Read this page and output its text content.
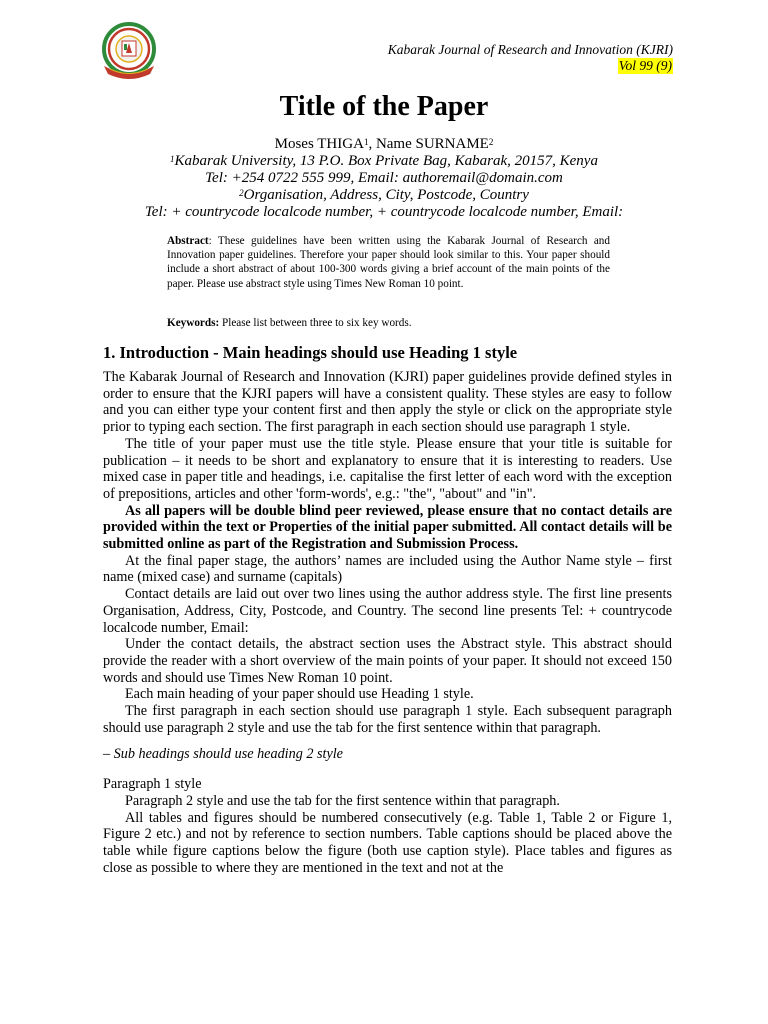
Kabarak Journal of Research and Innovation (KJRI)
Vol 99 (9)
Title of the Paper
Moses THIGA$^1$, Name SURNAME$^2$
$^1$Kabarak University, 13 P.O. Box Private Bag, Kabarak, 20157, Kenya
Tel: +254 0722 555 999, Email: authoremail@domain.com
$^2$Organisation, Address, City, Postcode, Country
Tel: + countrycode localcode number, + countrycode localcode number, Email:
Abstract: These guidelines have been written using the Kabarak Journal of Research and Innovation paper guidelines. Therefore your paper should look similar to this. Your paper should include a short abstract of about 100-300 words giving a brief account of the main points of the paper. Please use abstract style using Times New Roman 10 point.
Keywords: Please list between three to six key words.
1. Introduction - Main headings should use Heading 1 style

The Kabarak Journal of Research and Innovation (KJRI) paper guidelines provide defined styles in order to ensure that the KJRI papers will have a consistent quality. These styles are easy to follow and you can either type your content first and then apply the style or click on the appropriate style prior to typing each section. The first paragraph in each section should use paragraph 1 style.

The title of your paper must use the title style. Please ensure that your title is suitable for publication – it needs to be short and explanatory to ensure that it is interesting to readers. Use mixed case in paper title and headings, i.e. capitalise the first letter of each word with the exception of prepositions, articles and other 'form-words', e.g.: "the", "about" and "in".

As all papers will be double blind peer reviewed, please ensure that no contact details are provided within the text or Properties of the initial paper submitted. All contact details will be submitted online as part of the Registration and Submission Process.

At the final paper stage, the authors’ names are included using the Author Name style – first name (mixed case) and surname (capitals)

Contact details are laid out over two lines using the author address style. The first line presents Organisation, Address, City, Postcode, and Country. The second line presents Tel: + countrycode localcode number, Email:

Under the contact details, the abstract section uses the Abstract style. This abstract should provide the reader with a short overview of the main points of your paper. It should not exceed 150 words and should use Times New Roman 10 point.

Each main heading of your paper should use Heading 1 style.

The first paragraph in each section should use paragraph 1 style. Each subsequent paragraph should use paragraph 2 style and use the tab for the first sentence within that paragraph.

– Sub headings should use heading 2 style

Paragraph 1 style

Paragraph 2 style and use the tab for the first sentence within that paragraph.

All tables and figures should be numbered consecutively (e.g. Table 1, Table 2 or Figure 1, Figure 2 etc.) and not by reference to section numbers. Table captions should be placed above the table while figure captions below the figure (both use caption style). Place tables and figures as close as possible to where they are mentioned in the text and not at the
